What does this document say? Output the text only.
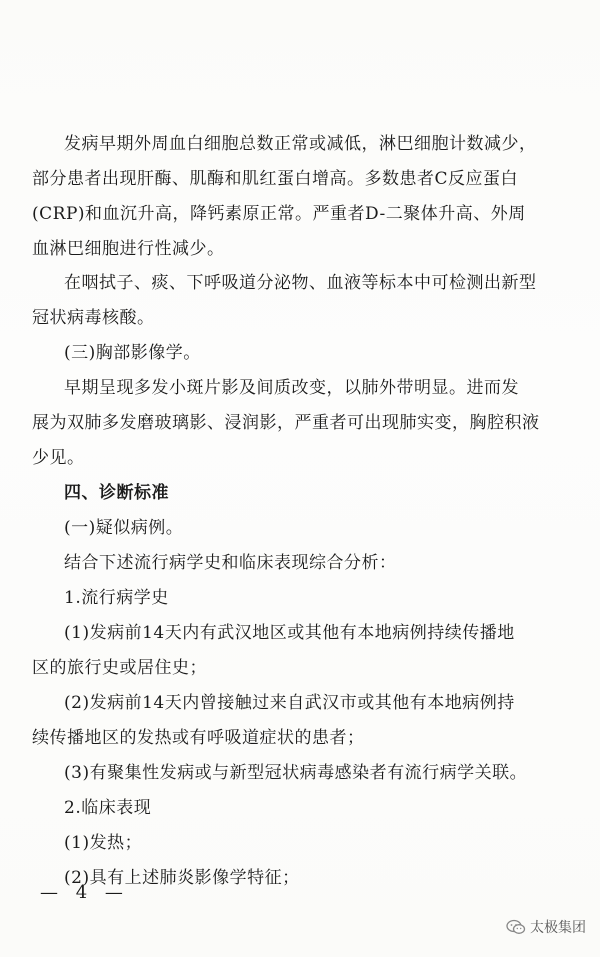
发病早期外周血白细胞总数正常或减低，淋巴细胞计数减少，
部分患者出现肝酶、肌酶和肌红蛋白增高。多数患者C反应蛋白
(CRP)和血沉升高，降钙素原正常。严重者D-二聚体升高、外周
血淋巴细胞进行性减少。
在咽拭子、痰、下呼吸道分泌物、血液等标本中可检测出新型
冠状病毒核酸。
(三)胸部影像学。
早期呈现多发小斑片影及间质改变，以肺外带明显。进而发
展为双肺多发磨玻璃影、浸润影，严重者可出现肺实变，胸腔积液
少见。
四、诊断标准
(一)疑似病例。
结合下述流行病学史和临床表现综合分析：
1.流行病学史
(1)发病前14天内有武汉地区或其他有本地病例持续传播地
区的旅行史或居住史；
(2)发病前14天内曾接触过来自武汉市或其他有本地病例持
续传播地区的发热或有呼吸道症状的患者；
(3)有聚集性发病或与新型冠状病毒感染者有流行病学关联。
2.临床表现
(1)发热；
(2)具有上述肺炎影像学特征；
— 4 —
太极集团
